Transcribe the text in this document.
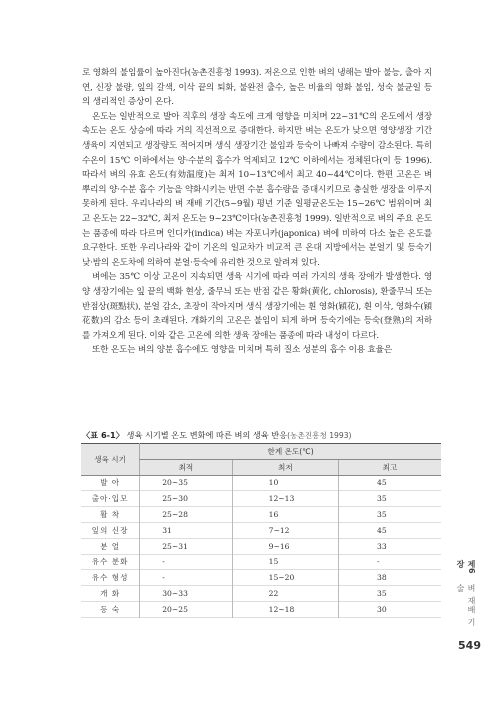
로 영화의 불임률이 높아진다(농촌진흥청 1993). 저온으로 인한 벼의 냉해는 발아 불능, 출아 지연, 신장 불량, 잎의 갈색, 이삭 끝의 퇴화, 불완전 출수, 높은 비율의 영화 불임, 성숙 불균일 등의 생리적인 증상이 온다.

온도는 일반적으로 발아 직후의 생장 속도에 크게 영향을 미치며 22~31℃의 온도에서 생장 속도는 온도 상승에 따라 거의 직선적으로 증대한다. 하지만 벼는 온도가 낮으면 영양생장 기간 생육이 지연되고 생장량도 적어지며 생식 생장기간 불임과 등숙이 나빠져 수량이 감소된다. 특히 수온이 15℃ 이하에서는 양·수분의 흡수가 억제되고 12℃ 이하에서는 정체된다(이 등 1996). 따라서 벼의 유효 온도(有効温度)는 최저 10~13℃에서 최고 40~44℃이다. 한편 고온은 벼 뿌리의 양·수분 흡수 기능을 약화시키는 반면 수분 흡수량을 증대시키므로 충실한 생장을 이루지 못하게 된다. 우리나라의 벼 재배 기간(5~9월) 평년 기준 일평균온도는 15~26℃ 범위이며 최고 온도는 22~32℃, 최저 온도는 9~23℃이다(농촌진흥청 1999). 일반적으로 벼의 주요 온도는 품종에 따라 다르며 인디카(indica) 벼는 자포니카(japonica) 벼에 비하여 다소 높은 온도를 요구한다. 또한 우리나라와 같이 기온의 일교차가 비교적 큰 온대 지방에서는 분얼기 및 등숙기 낮·밤의 온도차에 의하여 분얼·등숙에 유리한 것으로 알려져 있다.

벼에는 35℃ 이상 고온이 지속되면 생육 시기에 따라 여러 가지의 생육 장애가 발생한다. 영양 생장기에는 잎 끝의 백화 현상, 줄무늬 또는 반점 같은 황화(黄化, chlorosis), 환줄무늬 또는 반점상(斑點状), 분얼 감소, 초장이 작아지며 생식 생장기에는 흰 영화(穎花), 흰 이삭, 영화수(穎花数)의 감소 등이 초래된다. 개화기의 고온은 불임이 되게 하며 등숙기에는 등숙(登熟)의 저하를 가져오게 된다. 이와 같은 고온에 의한 생육 장애는 품종에 따라 내성이 다르다.

또한 온도는 벼의 양분 흡수에도 영향을 미치며 특히 질소 성분의 흡수 이용 효율은

〈표 6-1〉 생육 시기별 온도 변화에 따른 벼의 생육 반응(농촌진흥청 1993)
생육 시기	한계 온도(℃)		
	최적	최저	최고
발 아	20~35	10	45
출아·입모	25~30	12~13	35
활 착	25~28	16	35
잎의 신장	31	7~12	45
분 얼	25~31	9~16	33
유수 분화	-	15	-
유수 형성	-	15~20	38
개 화	30~33	22	35
등 숙	20~25	12~18	30
제6장
벼 재배 기술
549
